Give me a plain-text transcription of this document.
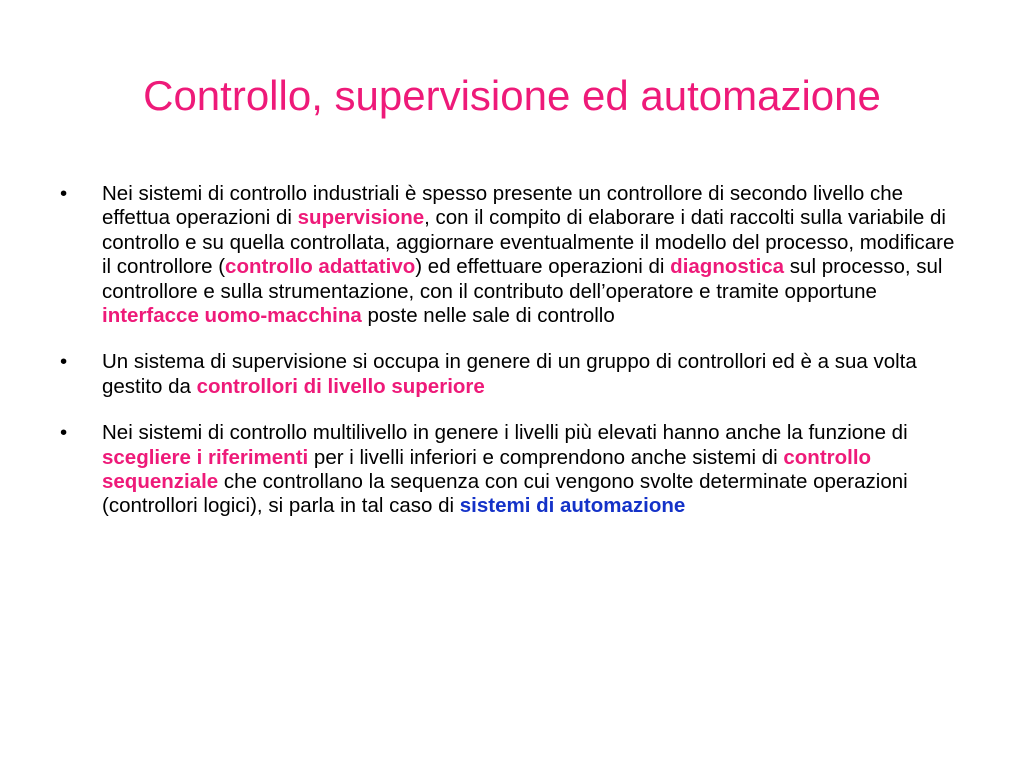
Controllo, supervisione ed automazione
•	Nei sistemi di controllo industriali è spesso presente un controllore di secondo livello che effettua operazioni di supervisione, con il compito di elaborare i dati raccolti sulla variabile di controllo e su quella controllata, aggiornare eventualmente il modello del processo, modificare il controllore (controllo adattativo) ed effettuare operazioni di diagnostica sul processo, sul controllore e sulla strumentazione, con il contributo dell’operatore e tramite opportune interfacce uomo-macchina poste nelle sale di controllo
•	Un sistema di supervisione si occupa in genere di un gruppo di controllori ed è a sua volta gestito da controllori di livello superiore
•	Nei sistemi di controllo multilivello in genere i livelli più elevati hanno anche la funzione di scegliere i riferimenti per i livelli inferiori e comprendono anche sistemi di controllo sequenziale che controllano la sequenza con cui vengono svolte determinate operazioni (controllori logici), si parla in tal caso di sistemi di automazione
